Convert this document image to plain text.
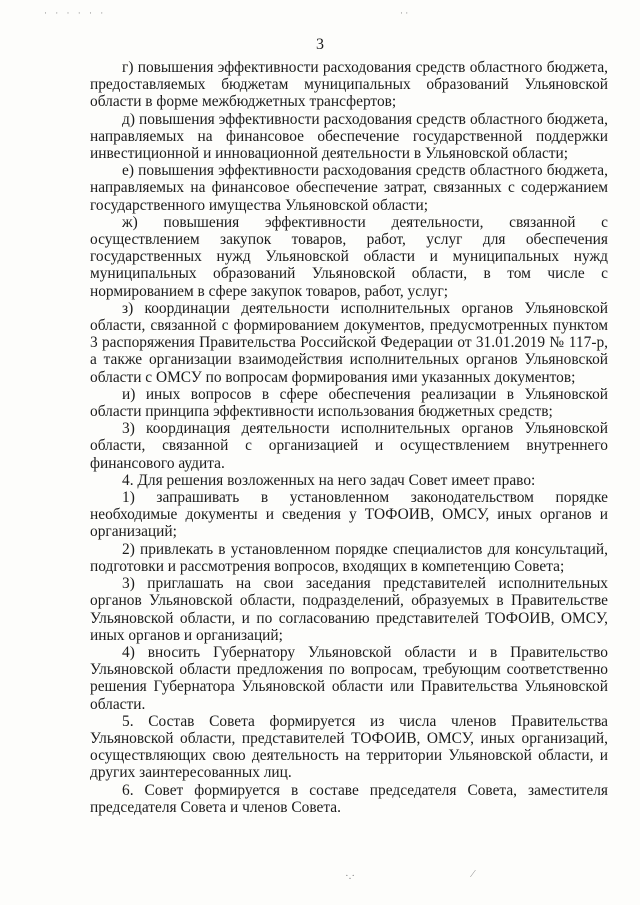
· · · · · ·	· ·
3

г) повышения эффективности расходования средств областного бюджета, предоставляемых бюджетам муниципальных образований Ульяновской области в форме межбюджетных трансфертов;

д) повышения эффективности расходования средств областного бюджета, направляемых на финансовое обеспечение государственной поддержки инвестиционной и инновационной деятельности в Ульяновской области;

е) повышения эффективности расходования средств областного бюджета, направляемых на финансовое обеспечение затрат, связанных с содержанием государственного имущества Ульяновской области;

ж) повышения эффективности деятельности, связанной с осуществлением закупок товаров, работ, услуг для обеспечения государственных нужд Ульяновской области и муниципальных нужд муниципальных образований Ульяновской области, в том числе с нормированием в сфере закупок товаров, работ, услуг;

з) координации деятельности исполнительных органов Ульяновской области, связанной с формированием документов, предусмотренных пунктом 3 распоряжения Правительства Российской Федерации от 31.01.2019 № 117-р, а также организации взаимодействия исполнительных органов Ульяновской области с ОМСУ по вопросам формирования ими указанных документов;

и) иных вопросов в сфере обеспечения реализации в Ульяновской области принципа эффективности использования бюджетных средств;

3) координация деятельности исполнительных органов Ульяновской области, связанной с организацией и осуществлением внутреннего финансового аудита.

4. Для решения возложенных на него задач Совет имеет право:

1) запрашивать в установленном законодательством порядке необходимые документы и сведения у ТОФОИВ, ОМСУ, иных органов и организаций;

2) привлекать в установленном порядке специалистов для консультаций, подготовки и рассмотрения вопросов, входящих в компетенцию Совета;

3) приглашать на свои заседания представителей исполнительных органов Ульяновской области, подразделений, образуемых в Правительстве Ульяновской области, и по согласованию представителей ТОФОИВ, ОМСУ, иных органов и организаций;

4) вносить Губернатору Ульяновской области и в Правительство Ульяновской области предложения по вопросам, требующим соответственно решения Губернатора Ульяновской области или Правительства Ульяновской области.

5. Состав Совета формируется из числа членов Правительства Ульяновской области, представителей ТОФОИВ, ОМСУ, иных организаций, осуществляющих свою деятельность на территории Ульяновской области, и других заинтересованных лиц.

6. Совет формируется в составе председателя Совета, заместителя председателя Совета и членов Совета.

·.·	⁄
